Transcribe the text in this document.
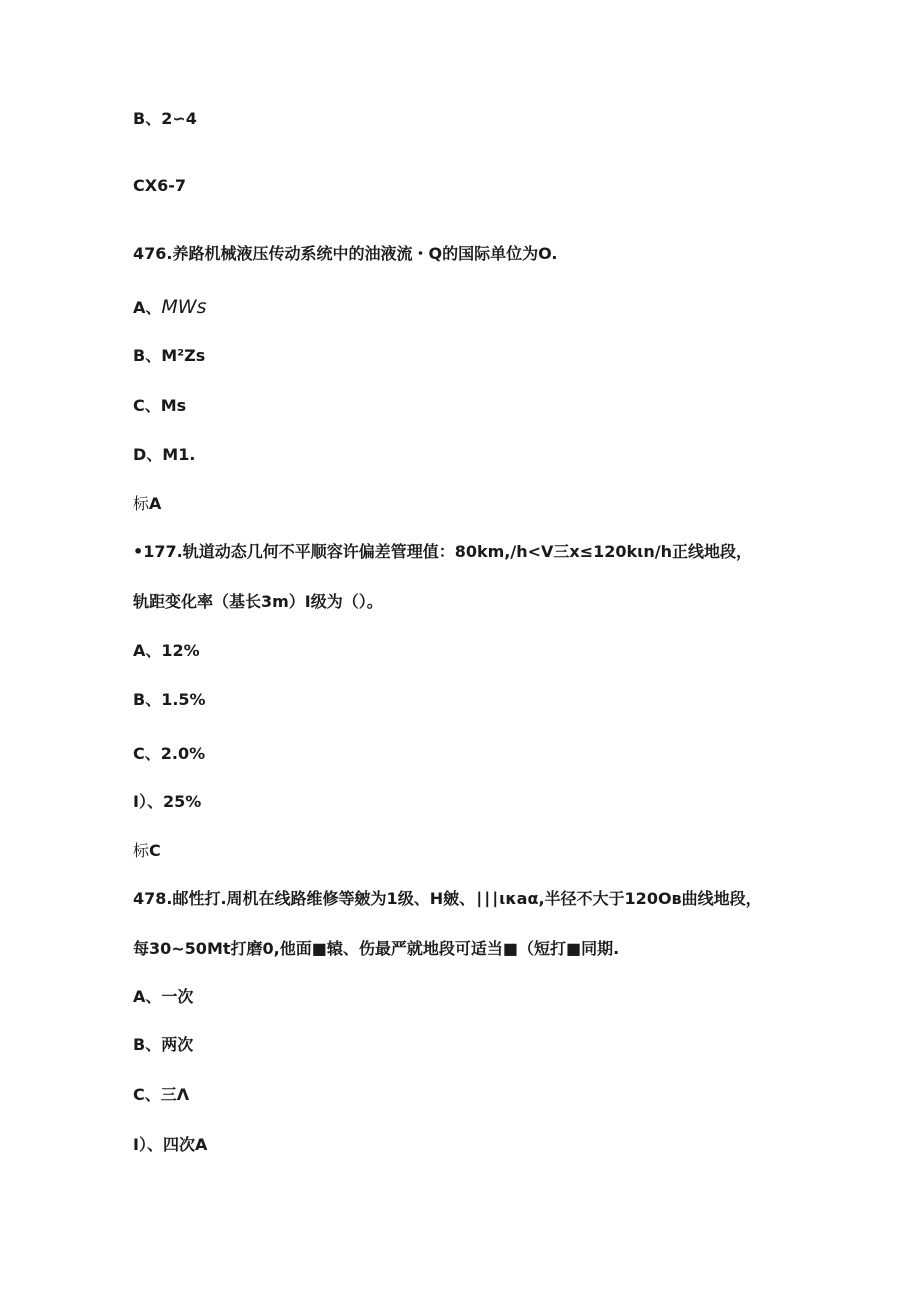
B、2∽4
CX6-7
476.养路机械液压传动系统中的油液流・Q的国际单位为O.
A、MWs
B、M²Zs
C、Ms
D、M1.
标A
•177.轨道动态几何不平顺容许偏差管理值：80km,/h<V三x≤120kιn/h正线地段，
轨距变化率（基长3m）I级为（）。
A、12%
B、1.5%
C、2.0%
I）、25%
标C
478.邮性打.周机在线路维修等皴为1级、H皴、∣∣∣ικaα,半径不大于120Oв曲线地段，
每30~50Mt打磨0,他面■辕、伤最严就地段可适当■（短打■同期.
A、一次
B、两次
C、三Λ
I）、四次A
